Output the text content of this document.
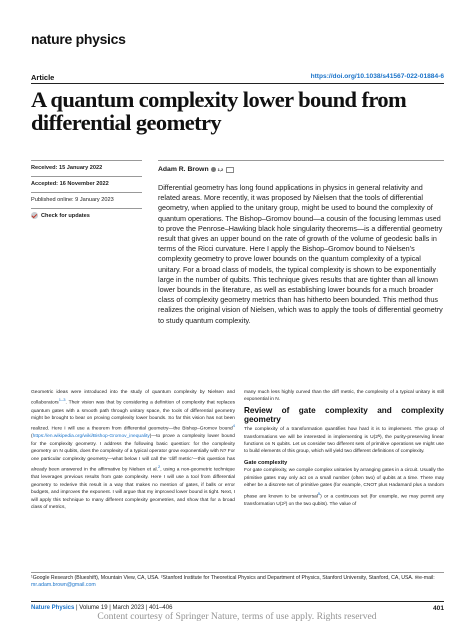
nature physics
Article	https://doi.org/10.1038/s41567-022-01884-6
A quantum complexity lower bound from differential geometry
Received: 15 January 2022
Accepted: 16 November 2022
Published online: 9 January 2023
Check for updates
Adam R. Brown 1,2
Differential geometry has long found applications in physics in general relativity and related areas. More recently, it was proposed by Nielsen that the tools of differential geometry, when applied to the unitary group, might be used to bound the complexity of quantum operations. The Bishop–Gromov bound—a cousin of the focusing lemmas used to prove the Penrose–Hawking black hole singularity theorems—is a differential geometry result that gives an upper bound on the rate of growth of the volume of geodesic balls in terms of the Ricci curvature. Here I apply the Bishop–Gromov bound to Nielsen’s complexity geometry to prove lower bounds on the quantum complexity of a typical unitary. For a broad class of models, the typical complexity is shown to be exponentially large in the number of qubits. This technique gives results that are tighter than all known lower bounds in the literature, as well as establishing lower bounds for a much broader class of complexity geometry metrics than has hitherto been bounded. This method thus realizes the original vision of Nielsen, which was to apply the tools of differential geometry to study quantum complexity.

Geometric ideas were introduced into the study of quantum complexity by Nielsen and collaborators$^{1-3}$. Their vision was that by considering a definition of complexity that replaces quantum gates with a smooth path through unitary space, the tools of differential geometry might be brought to bear on proving complexity lower bounds. So far this vision has not been realized. Here I will use a theorem from differential geometry—the Bishop–Gromov bound$^4$ (https://en.wikipedia.org/wiki/Bishop-Gromov_inequality)—to prove a complexity lower bound for the complexity geometry. I address the following basic question: for the complexity geometry on N qubits, does the complexity of a typical operator grow exponentially with N? For one particular complexity geometry—what below I will call the ‘cliff metric’—this question has already been answered in the affirmative by Nielsen et al.$^2$, using a non-geometric technique that leverages previous results from gate complexity. Here I will use a tool from differential geometry to rederive this result in a way that makes no mention of gates, if balls or error budgets, and improves the exponent. I will argue that my improved lower bound is tight. Next, I will apply this technique to many different complexity geometries, and show that for a broad class of metrics,

many much less highly curved than the cliff metric, the complexity of a typical unitary is still exponential in N.

Review of gate complexity and complexity geometry

The complexity of a transformation quantifies how hard it is to implement. The group of transformations we will be interested in implementing is U(2ᴺ), the purity-preserving linear functions on N qubits. Let us consider two different sets of primitive operations we might use to build elements of this group, which will yield two different definitions of complexity.

Gate complexity

For gate complexity, we compile complex unitaries by arranging gates in a circuit. Usually the primitive gates may only act on a small number (often two) of qubits at a time. There may either be a discrete set of primitive gates (for example, CNOT plus Hadamard plus a random phase are known to be universal$^5$) or a continuous set (for example, we may permit any transformation U(2²) on the two qubits). The value of

¹Google Research (Blueshift), Mountain View, CA, USA. ²Stanford Institute for Theoretical Physics and Department of Physics, Stanford University, Stanford, CA, USA. ✉e-mail: mr.adam.brown@gmail.com
Nature Physics | Volume 19 | March 2023 | 401–406	401
Content courtesy of Springer Nature, terms of use apply. Rights reserved
